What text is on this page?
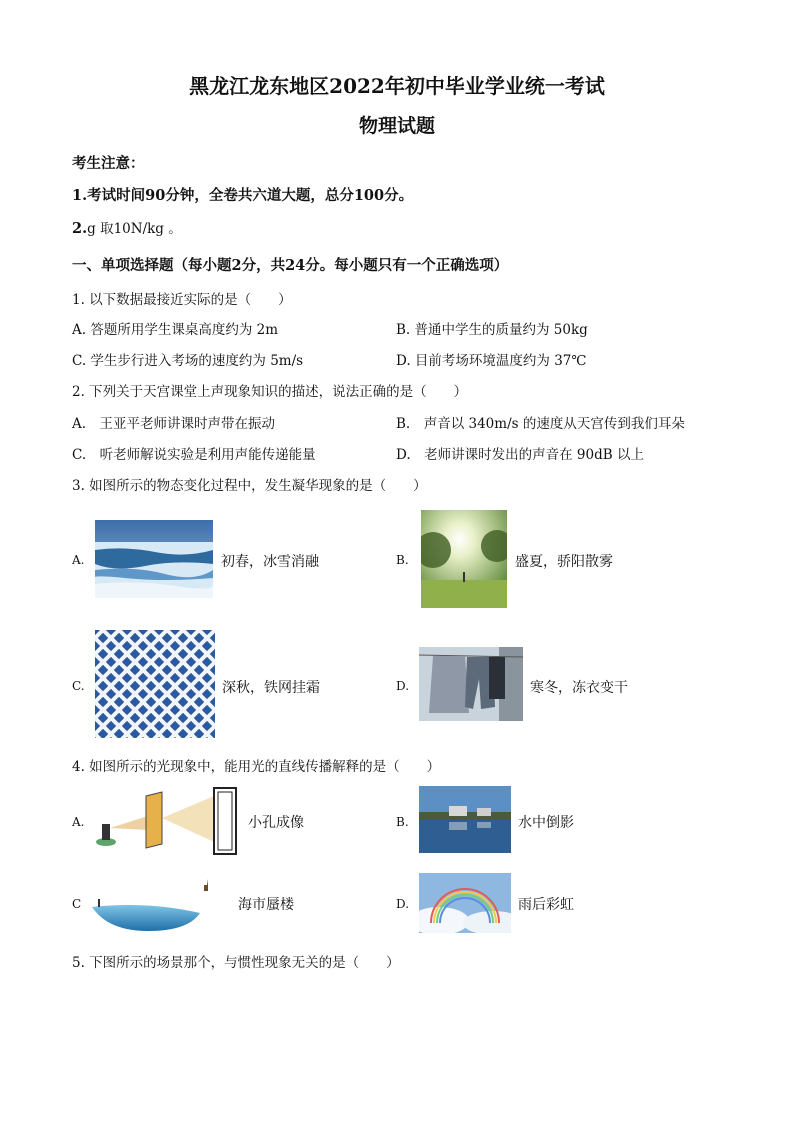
黑龙江龙东地区2022年初中毕业学业统一考试
物理试题
考生注意：
1.考试时间90分钟，全卷共六道大题，总分100分。
2.g 取10N/kg 。
一、单项选择题（每小题2分，共24分。每小题只有一个正确选项）
1. 以下数据最接近实际的是（　　）
A. 答题所用学生课桌高度约为 2m	B. 普通中学生的质量约为 50kg
C. 学生步行进入考场的速度约为 5m/s	D. 目前考场环境温度约为 37℃
2. 下列关于天宫课堂上声现象知识的描述，说法正确的是（　　）
A.　王亚平老师讲课时声带在振动	B.　声音以 340m/s 的速度从天宫传到我们耳朵
C.　听老师解说实验是利用声能传递能量	D.　老师讲课时发出的声音在 90dB 以上
3. 如图所示的物态变化过程中，发生凝华现象的是（　　）
A.	初春，冰雪消融	B.	盛夏，骄阳散雾
C.	深秋，铁网挂霜	D.	寒冬，冻衣变干
4. 如图所示的光现象中，能用光的直线传播解释的是（　　）
A.	小孔成像	B.	水中倒影
C	海市蜃楼	D.	雨后彩虹
5. 下图所示的场景那个，与惯性现象无关的是（　　）
